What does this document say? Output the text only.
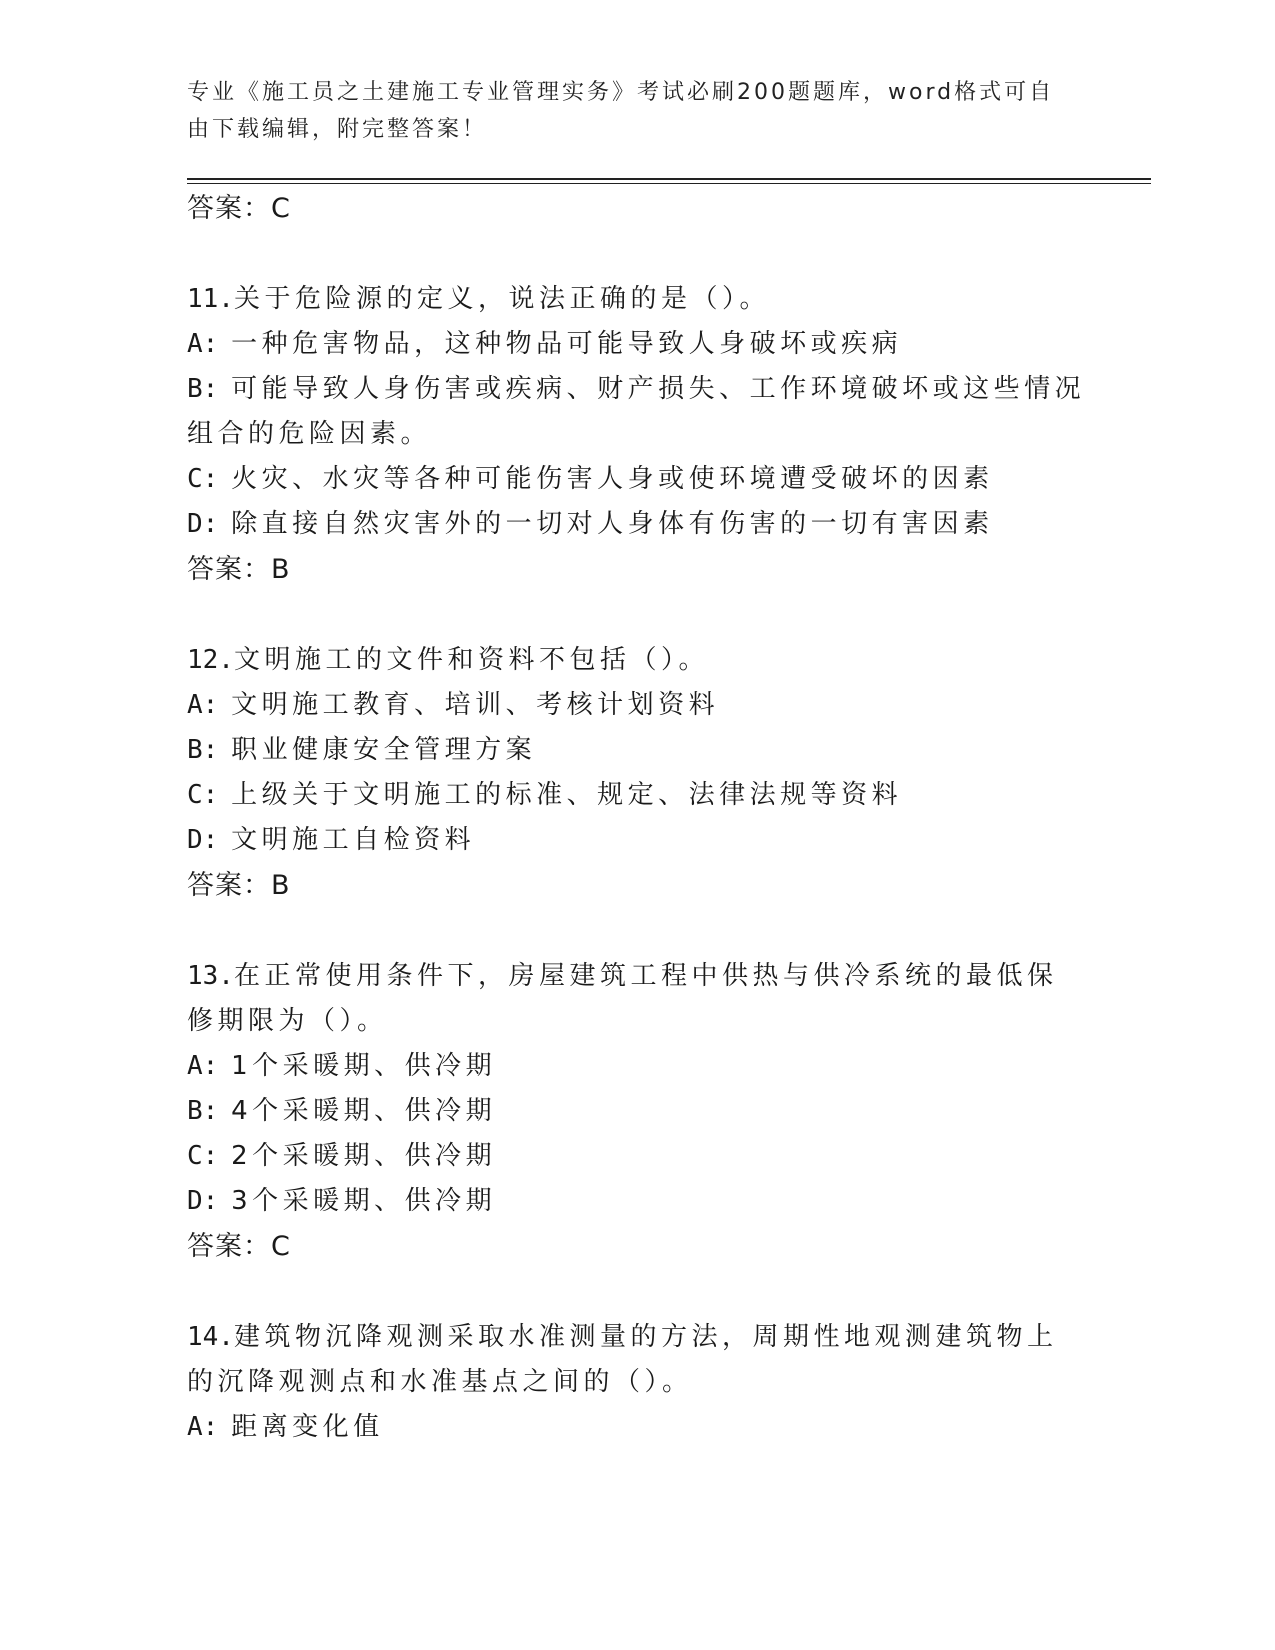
专业《施工员之土建施工专业管理实务》考试必刷200题题库，word格式可自由下载编辑，附完整答案！

答案：C

11.关于危险源的定义，说法正确的是（）。

A: 一种危害物品，这种物品可能导致人身破坏或疾病

B: 可能导致人身伤害或疾病、财产损失、工作环境破坏或这些情况组合的危险因素。

C: 火灾、水灾等各种可能伤害人身或使环境遭受破坏的因素

D: 除直接自然灾害外的一切对人身体有伤害的一切有害因素

答案：B

12.文明施工的文件和资料不包括（）。

A: 文明施工教育、培训、考核计划资料

B: 职业健康安全管理方案

C: 上级关于文明施工的标准、规定、法律法规等资料

D: 文明施工自检资料

答案：B

13.在正常使用条件下，房屋建筑工程中供热与供冷系统的最低保修期限为（）。

A: 1个采暖期、供冷期

B: 4个采暖期、供冷期

C: 2个采暖期、供冷期

D: 3个采暖期、供冷期

答案：C

14.建筑物沉降观测采取水准测量的方法，周期性地观测建筑物上的沉降观测点和水准基点之间的（）。

A: 距离变化值
